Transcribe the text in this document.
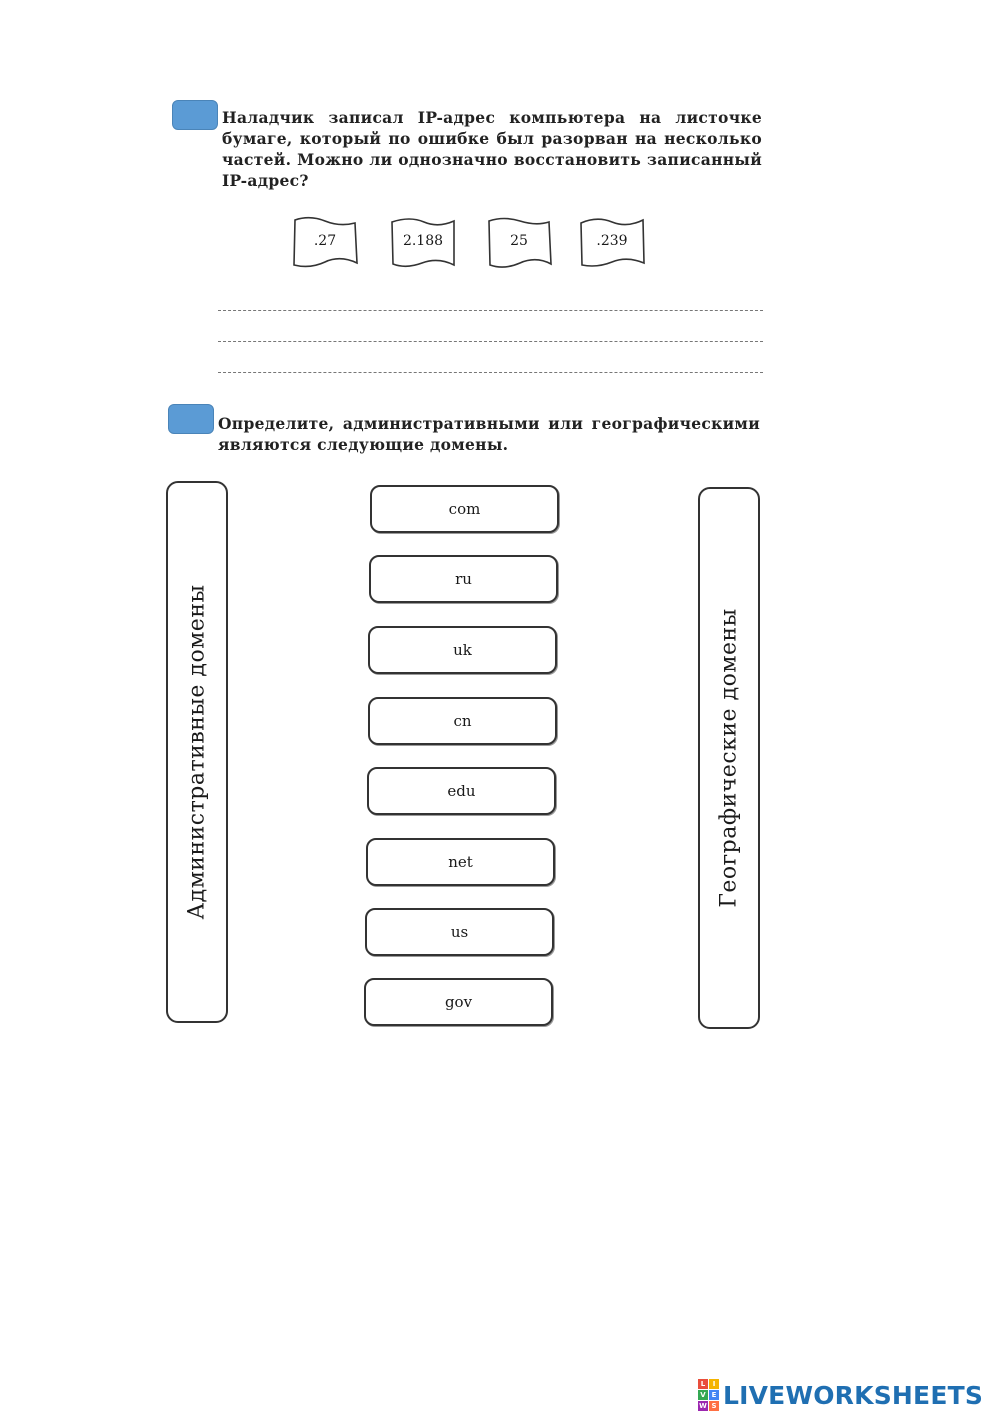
Наладчик записал IP-адрес компьютера на листочке бумаге, который по ошибке был разорван на несколько частей. Можно ли однозначно восстановить записанный IP-адрес?
.27	2.188	25	.239
Определите, административными или географическими являются следующие домены.
Административные домены	Географические домены
com
ru
uk
cn
edu
net
us
gov
L	I
V E
W S LIVEWORKSHEETS
